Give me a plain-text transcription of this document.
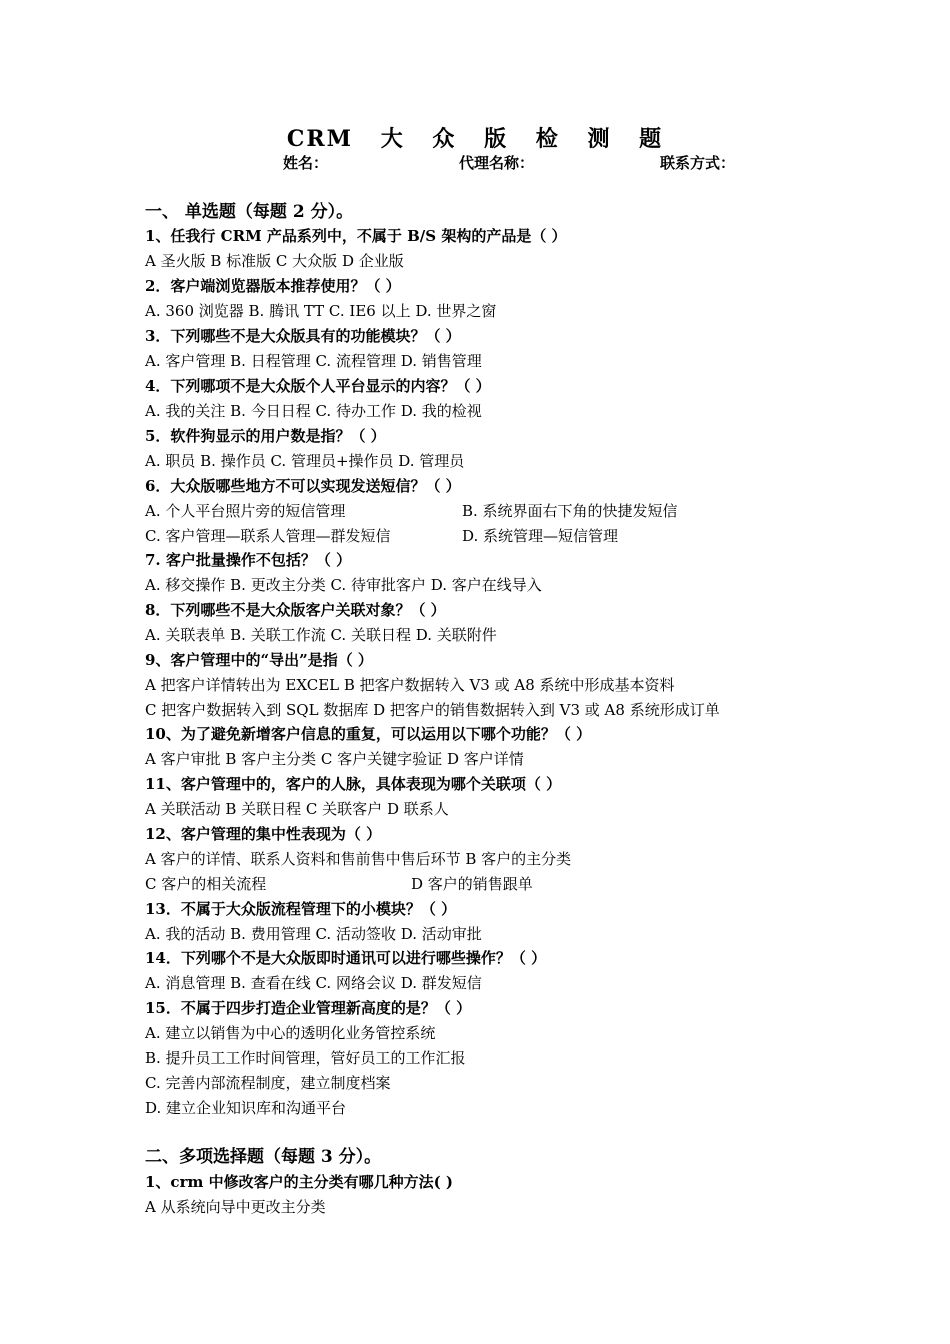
CRM 大 众 版 检 测 题
姓名：	代理名称：	联系方式：
一、 单选题（每题 2 分）。
1、任我行 CRM 产品系列中，不属于 B/S 架构的产品是（ ）
A 圣火版 B 标准版 C 大众版 D 企业版
2．客户端浏览器版本推荐使用？（ ）
A. 360 浏览器 B. 腾讯 TT C. IE6 以上 D. 世界之窗
3．下列哪些不是大众版具有的功能模块？（ ）
A. 客户管理 B. 日程管理 C. 流程管理 D. 销售管理
4．下列哪项不是大众版个人平台显示的内容？（ ）
A. 我的关注 B. 今日日程 C. 待办工作 D. 我的检视
5．软件狗显示的用户数是指？（ ）
A. 职员 B. 操作员 C. 管理员+操作员 D. 管理员
6．大众版哪些地方不可以实现发送短信？（ ）
A. 个人平台照片旁的短信管理	B. 系统界面右下角的快捷发短信
C. 客户管理—联系人管理—群发短信	D. 系统管理—短信管理
7. 客户批量操作不包括？（ ）
A. 移交操作 B. 更改主分类 C. 待审批客户 D. 客户在线导入
8．下列哪些不是大众版客户关联对象？（ ）
A. 关联表单 B. 关联工作流 C. 关联日程 D. 关联附件
9、客户管理中的“导出”是指（ ）
A 把客户详情转出为 EXCEL B 把客户数据转入 V3 或 A8 系统中形成基本资料
C 把客户数据转入到 SQL 数据库 D 把客户的销售数据转入到 V3 或 A8 系统形成订单
10、为了避免新增客户信息的重复，可以运用以下哪个功能？（ ）
A 客户审批 B 客户主分类 C 客户关键字验证 D 客户详情
11、客户管理中的，客户的人脉，具体表现为哪个关联项（ ）
A 关联活动 B 关联日程 C 关联客户 D 联系人
12、客户管理的集中性表现为（ ）
A 客户的详情、联系人资料和售前售中售后环节 B 客户的主分类
C 客户的相关流程	D 客户的销售跟单
13．不属于大众版流程管理下的小模块？（ ）
A. 我的活动 B. 费用管理 C. 活动签收 D. 活动审批
14．下列哪个不是大众版即时通讯可以进行哪些操作？（ ）
A. 消息管理 B. 查看在线 C. 网络会议 D. 群发短信
15．不属于四步打造企业管理新高度的是？（ ）
A. 建立以销售为中心的透明化业务管控系统
B. 提升员工工作时间管理，管好员工的工作汇报
C. 完善内部流程制度，建立制度档案
D. 建立企业知识库和沟通平台
二、多项选择题（每题 3 分）。
1、crm 中修改客户的主分类有哪几种方法( )
A 从系统向导中更改主分类
